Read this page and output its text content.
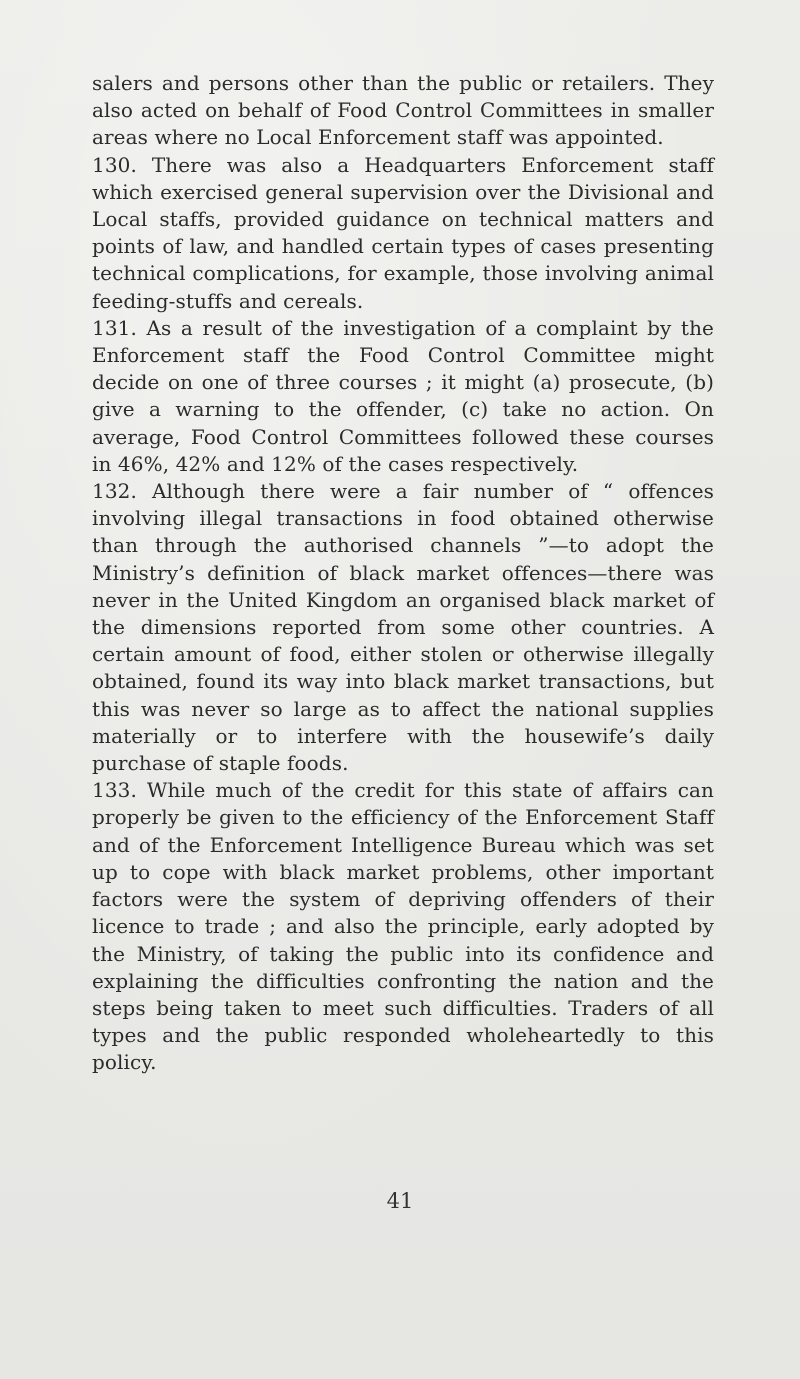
salers and persons other than the public or retailers. They also acted on behalf of Food Control Committees in smaller areas where no Local Enforcement staff was appointed.

130. There was also a Headquarters Enforcement staff which exercised general supervision over the Divisional and Local staffs, provided guidance on technical matters and points of law, and handled certain types of cases presenting technical complications, for example, those involving animal feeding-stuffs and cereals.

131. As a result of the investigation of a complaint by the Enforcement staff the Food Control Committee might decide on one of three courses ; it might (a) prosecute, (b) give a warning to the offender, (c) take no action. On average, Food Control Committees followed these courses in 46%, 42% and 12% of the cases respectively.

132. Although there were a fair number of “ offences involving illegal transactions in food obtained otherwise than through the authorised channels ”—to adopt the Ministry’s definition of black market offences—there was never in the United Kingdom an organised black market of the dimensions reported from some other countries. A certain amount of food, either stolen or otherwise illegally obtained, found its way into black market transactions, but this was never so large as to affect the national supplies materially or to interfere with the housewife’s daily purchase of staple foods.

133. While much of the credit for this state of affairs can properly be given to the efficiency of the Enforcement Staff and of the Enforcement Intelligence Bureau which was set up to cope with black market problems, other important factors were the system of depriving offenders of their licence to trade ; and also the principle, early adopted by the Ministry, of taking the public into its confidence and explaining the difficulties confronting the nation and the steps being taken to meet such difficulties. Traders of all types and the public responded wholeheartedly to this policy.

41
